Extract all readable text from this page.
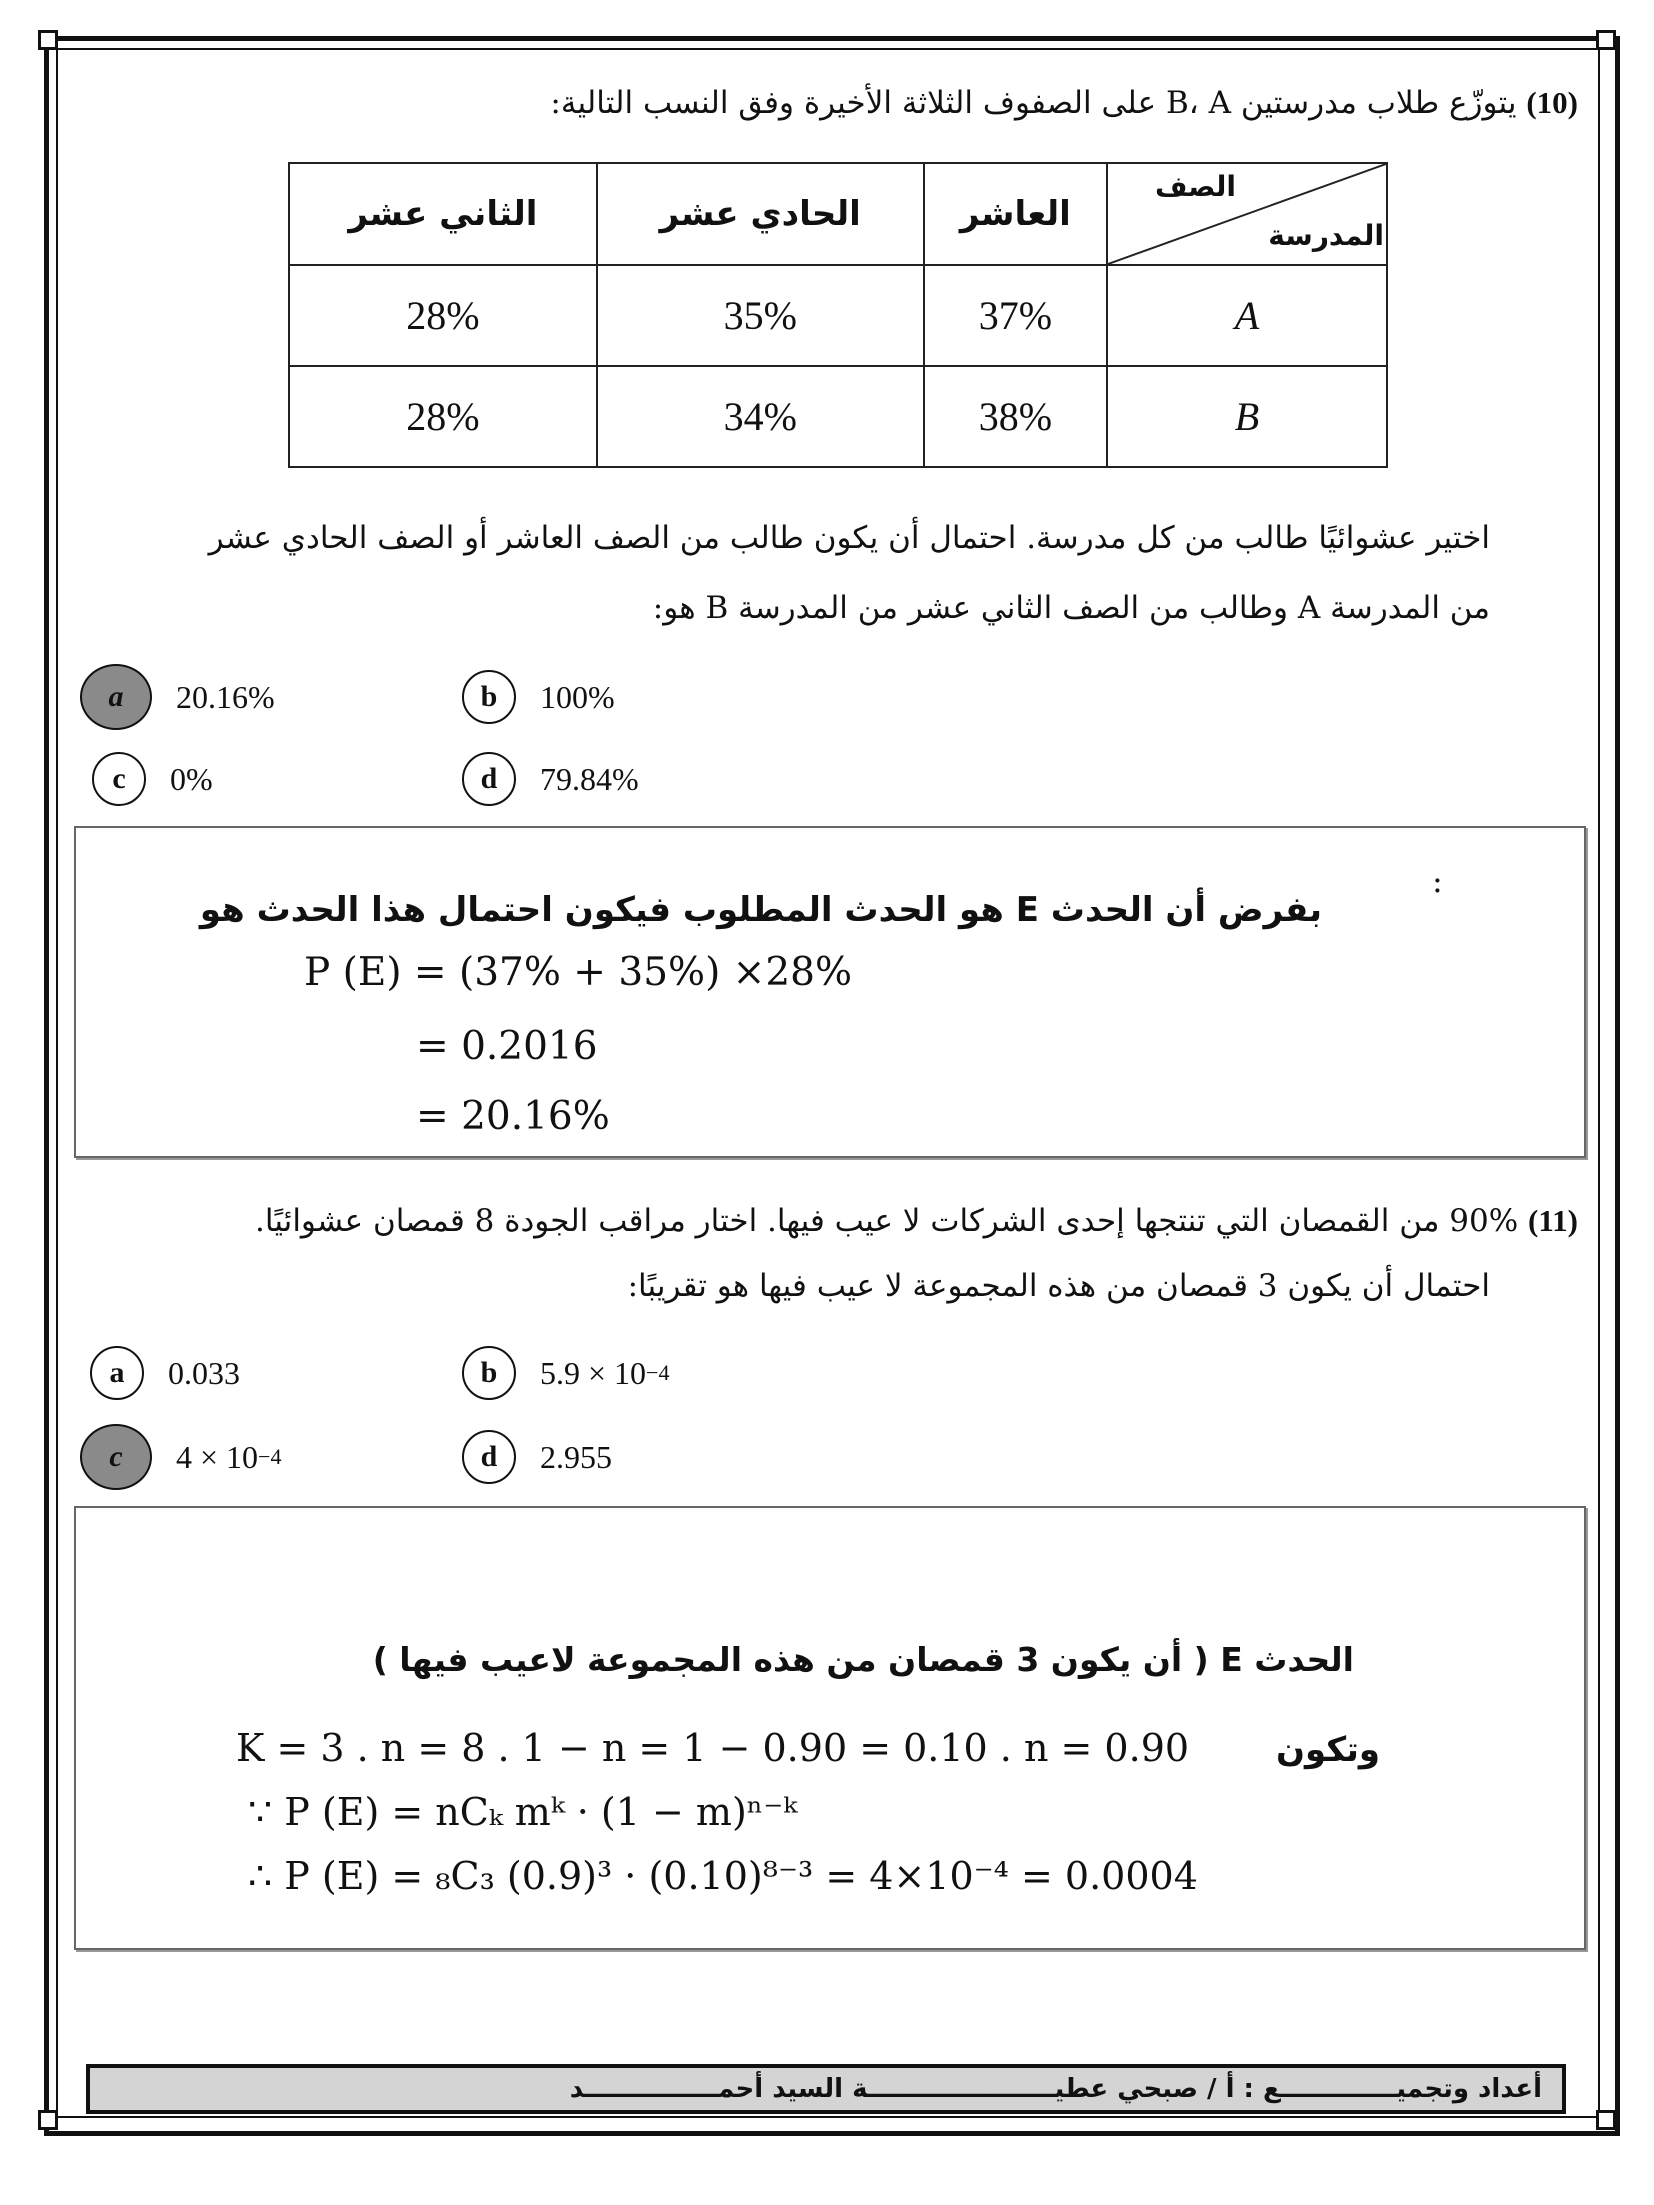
(10) يتوزّع طلاب مدرستين B، A على الصفوف الثلاثة الأخيرة وفق النسب التالية:
الصف
المدرسة	العاشر	الحادي عشر	الثاني عشر
A	37%	35%	28%
B	38%	34%	28%
اختير عشوائيًا طالب من كل مدرسة. احتمال أن يكون طالب من الصف العاشر أو الصف الحادي عشر
من المدرسة A وطالب من الصف الثاني عشر من المدرسة B هو:
a	20.16%	b	100%
c	0%	d	79.84%
:
بفرض أن الحدث E هو الحدث المطلوب فيكون احتمال هذا الحدث هو
P (E) = (37% + 35%) ×28%
= 0.2016
= 20.16%
(11) 90% من القمصان التي تنتجها إحدى الشركات لا عيب فيها. اختار مراقب الجودة 8 قمصان عشوائيًا.
احتمال أن يكون 3 قمصان من هذه المجموعة لا عيب فيها هو تقريبًا:
a	0.033	b	5.9 × 10 −4
c	4 × 10 −4	d	2.955
الحدث E ( أن يكون 3 قمصان من هذه المجموعة لاعيب فيها )
وتكون
K = 3 . n = 8 . 1 − n = 1 − 0.90 = 0.10 . n = 0.90
∵ P (E) = nCₖ mᵏ · (1 − m)ⁿ⁻ᵏ
∴ P (E) = ₈C₃ (0.9)³ · (0.10)⁸⁻³ = 4×10⁻⁴ = 0.0004
أعداد وتجميـــــــــــــع : أ / صبحي عطيـــــــــــــــــــــة السيد أحمـــــــــــــــد
